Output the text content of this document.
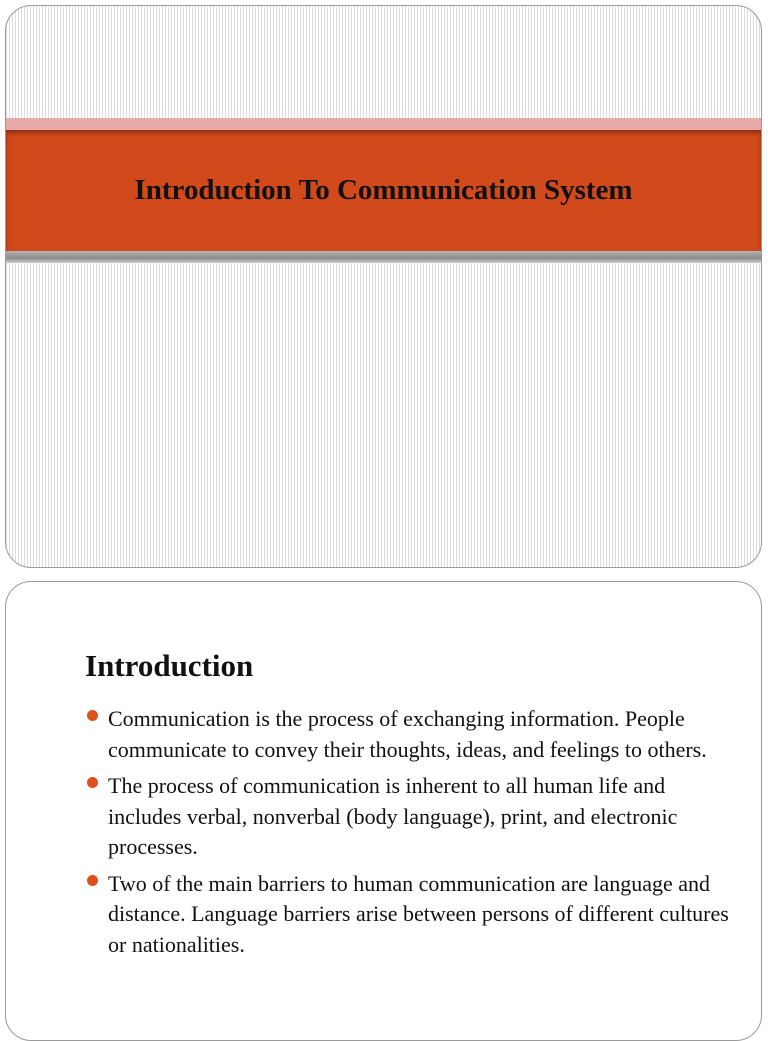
Introduction To Communication System
Introduction
Communication is the process of exchanging information. People communicate to convey their thoughts, ideas, and feelings to others.
The process of communication is inherent to all human life and includes verbal, nonverbal (body language), print, and electronic processes.
Two of the main barriers to human communication are language and distance. Language barriers arise between persons of different cultures or nationalities.
